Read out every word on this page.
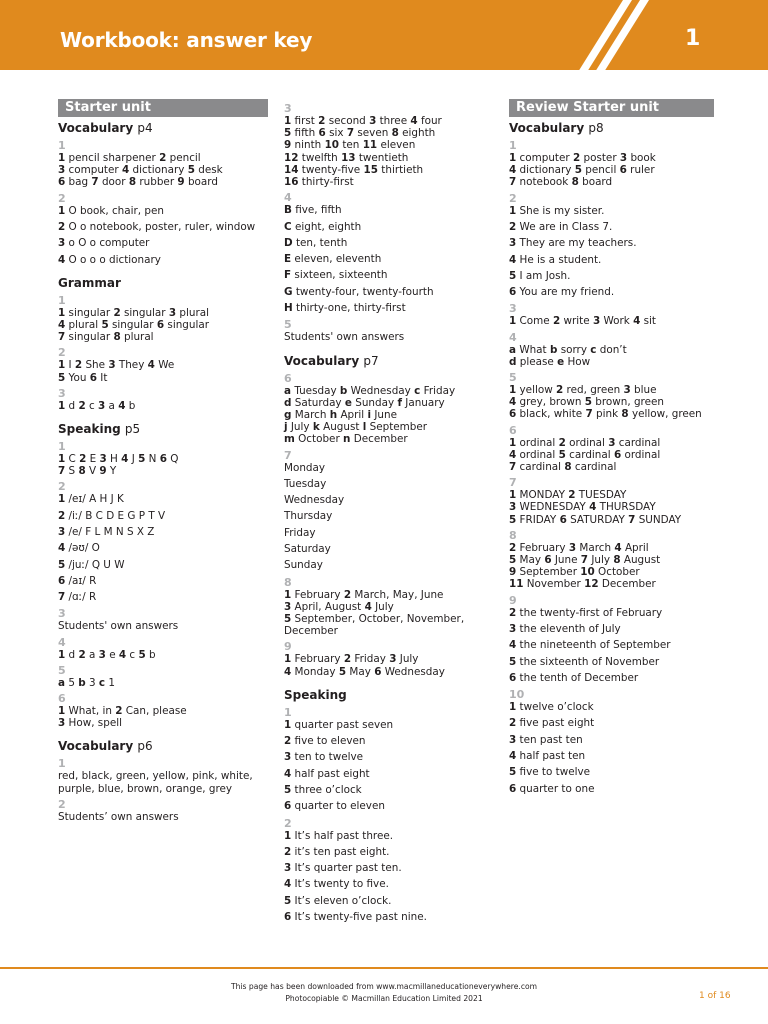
Workbook: answer key	1
Starter unit
Vocabulary p4
1
1 pencil sharpener 2 pencil
3 computer 4 dictionary 5 desk
6 bag 7 door 8 rubber 9 board
2
1 O book, chair, pen
2 O o notebook, poster, ruler, window
3 o O o computer
4 O o o o dictionary
Grammar
1
1 singular 2 singular 3 plural
4 plural 5 singular 6 singular
7 singular 8 plural
2
1 I 2 She 3 They 4 We
5 You 6 It
3
1 d 2 c 3 a 4 b
Speaking p5
1
1 C 2 E 3 H 4 J 5 N 6 Q
7 S 8 V 9 Y
2
1 /eɪ/ A H J K
2 /iː/ B C D E G P T V
3 /e/ F L M N S X Z
4 /əʊ/ O
5 /juː/ Q U W
6 /aɪ/ R
7 /ɑː/ R
3
Students' own answers
4
1 d 2 a 3 e 4 c 5 b
5
a 5 b 3 c 1
6
1 What, in 2 Can, please
3 How, spell
Vocabulary p6
1
red, black, green, yellow, pink, white, purple, blue, brown, orange, grey
2
Students’ own answers
3
1 first 2 second 3 three 4 four
5 fifth 6 six 7 seven 8 eighth
9 ninth 10 ten 11 eleven
12 twelfth 13 twentieth
14 twenty-five 15 thirtieth
16 thirty-first
4
B five, fifth
C eight, eighth
D ten, tenth
E eleven, eleventh
F sixteen, sixteenth
G twenty-four, twenty-fourth
H thirty-one, thirty-first
5
Students' own answers
Vocabulary p7
6
a Tuesday b Wednesday c Friday
d Saturday e Sunday f January
g March h April i June
j July k August l September
m October n December
7
Monday
Tuesday
Wednesday
Thursday
Friday
Saturday
Sunday
8
1 February 2 March, May, June
3 April, August 4 July
5 September, October, November, December
9
1 February 2 Friday 3 July
4 Monday 5 May 6 Wednesday
Speaking
1
1 quarter past seven
2 five to eleven
3 ten to twelve
4 half past eight
5 three o’clock
6 quarter to eleven
2
1 It’s half past three.
2 it’s ten past eight.
3 It’s quarter past ten.
4 It’s twenty to five.
5 It’s eleven o’clock.
6 It’s twenty-five past nine.
Review Starter unit
Vocabulary p8
1
1 computer 2 poster 3 book
4 dictionary 5 pencil 6 ruler
7 notebook 8 board
2
1 She is my sister.
2 We are in Class 7.
3 They are my teachers.
4 He is a student.
5 I am Josh.
6 You are my friend.
3
1 Come 2 write 3 Work 4 sit
4
a What b sorry c don’t
d please e How
5
1 yellow 2 red, green 3 blue
4 grey, brown 5 brown, green
6 black, white 7 pink 8 yellow, green
6
1 ordinal 2 ordinal 3 cardinal
4 ordinal 5 cardinal 6 ordinal
7 cardinal 8 cardinal
7
1 MONDAY 2 TUESDAY
3 WEDNESDAY 4 THURSDAY
5 FRIDAY 6 SATURDAY 7 SUNDAY
8
2 February 3 March 4 April
5 May 6 June 7 July 8 August
9 September 10 October
11 November 12 December
9
2 the twenty-first of February
3 the eleventh of July
4 the nineteenth of September
5 the sixteenth of November
6 the tenth of December
10
1 twelve o’clock
2 five past eight
3 ten past ten
4 half past ten
5 five to twelve
6 quarter to one
This page has been downloaded from www.macmillaneducationeverywhere.com
Photocopiable © Macmillan Education Limited 2021	1 of 16
